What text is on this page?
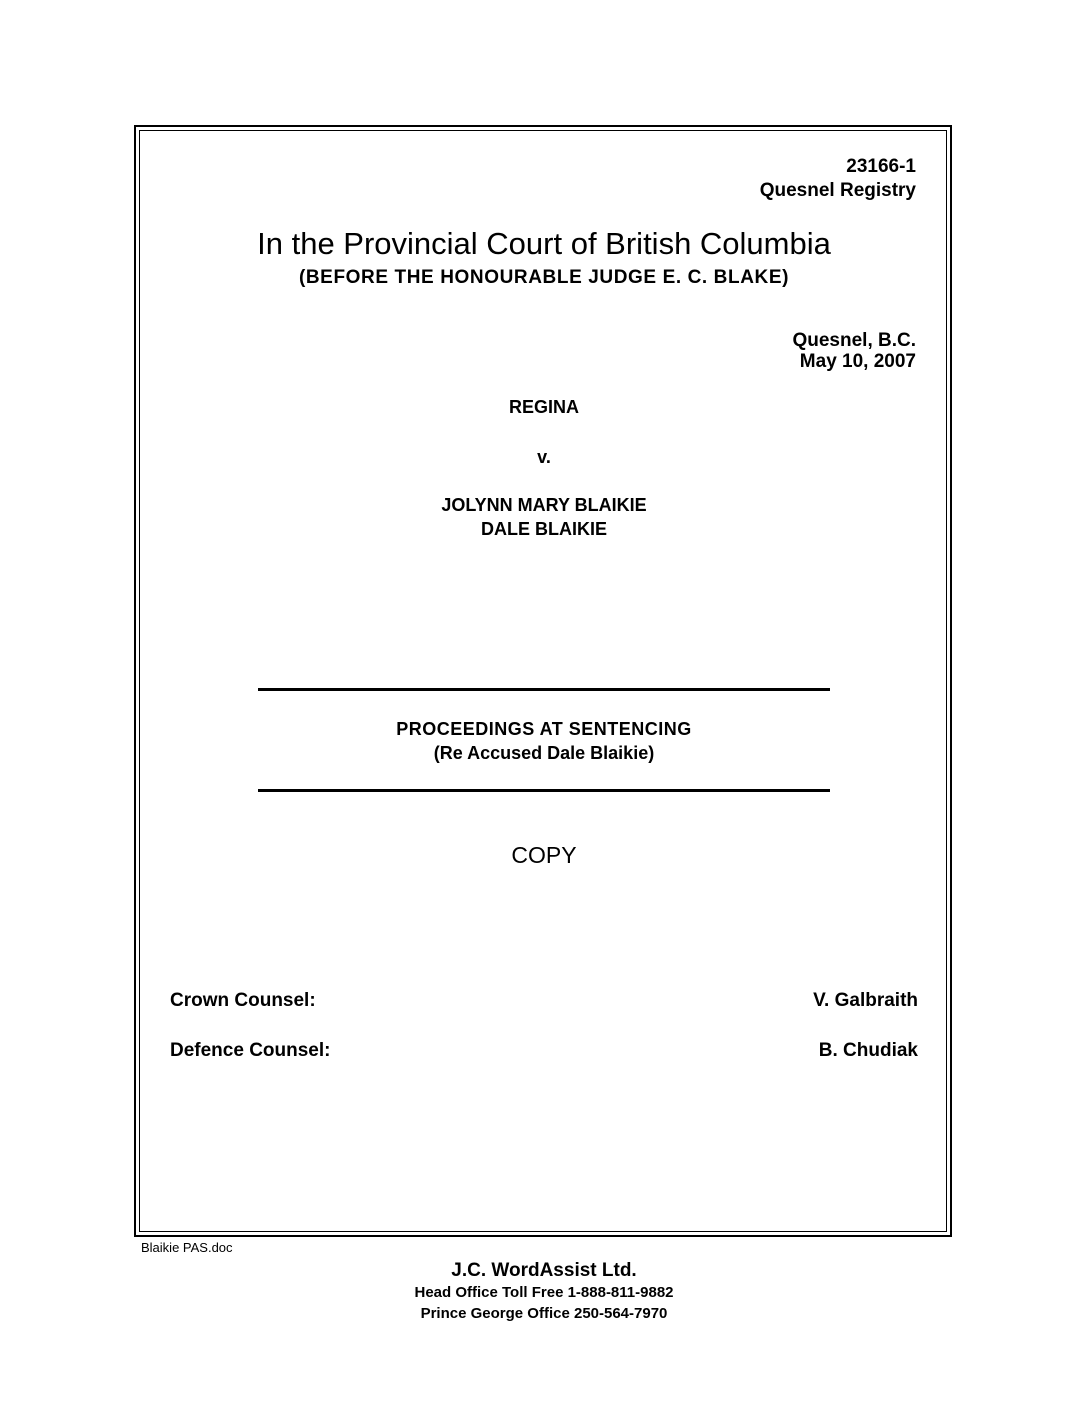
23166-1
Quesnel Registry
In the Provincial Court of British Columbia
(BEFORE THE HONOURABLE JUDGE E. C. BLAKE)
Quesnel, B.C.
May 10, 2007
REGINA
v.
JOLYNN MARY BLAIKIE
DALE BLAIKIE
PROCEEDINGS AT SENTENCING
(Re Accused Dale Blaikie)
COPY
Crown Counsel:	V. Galbraith
Defence Counsel:	B. Chudiak
Blaikie PAS.doc
J.C. WordAssist Ltd.
Head Office Toll Free 1-888-811-9882
Prince George Office 250-564-7970
